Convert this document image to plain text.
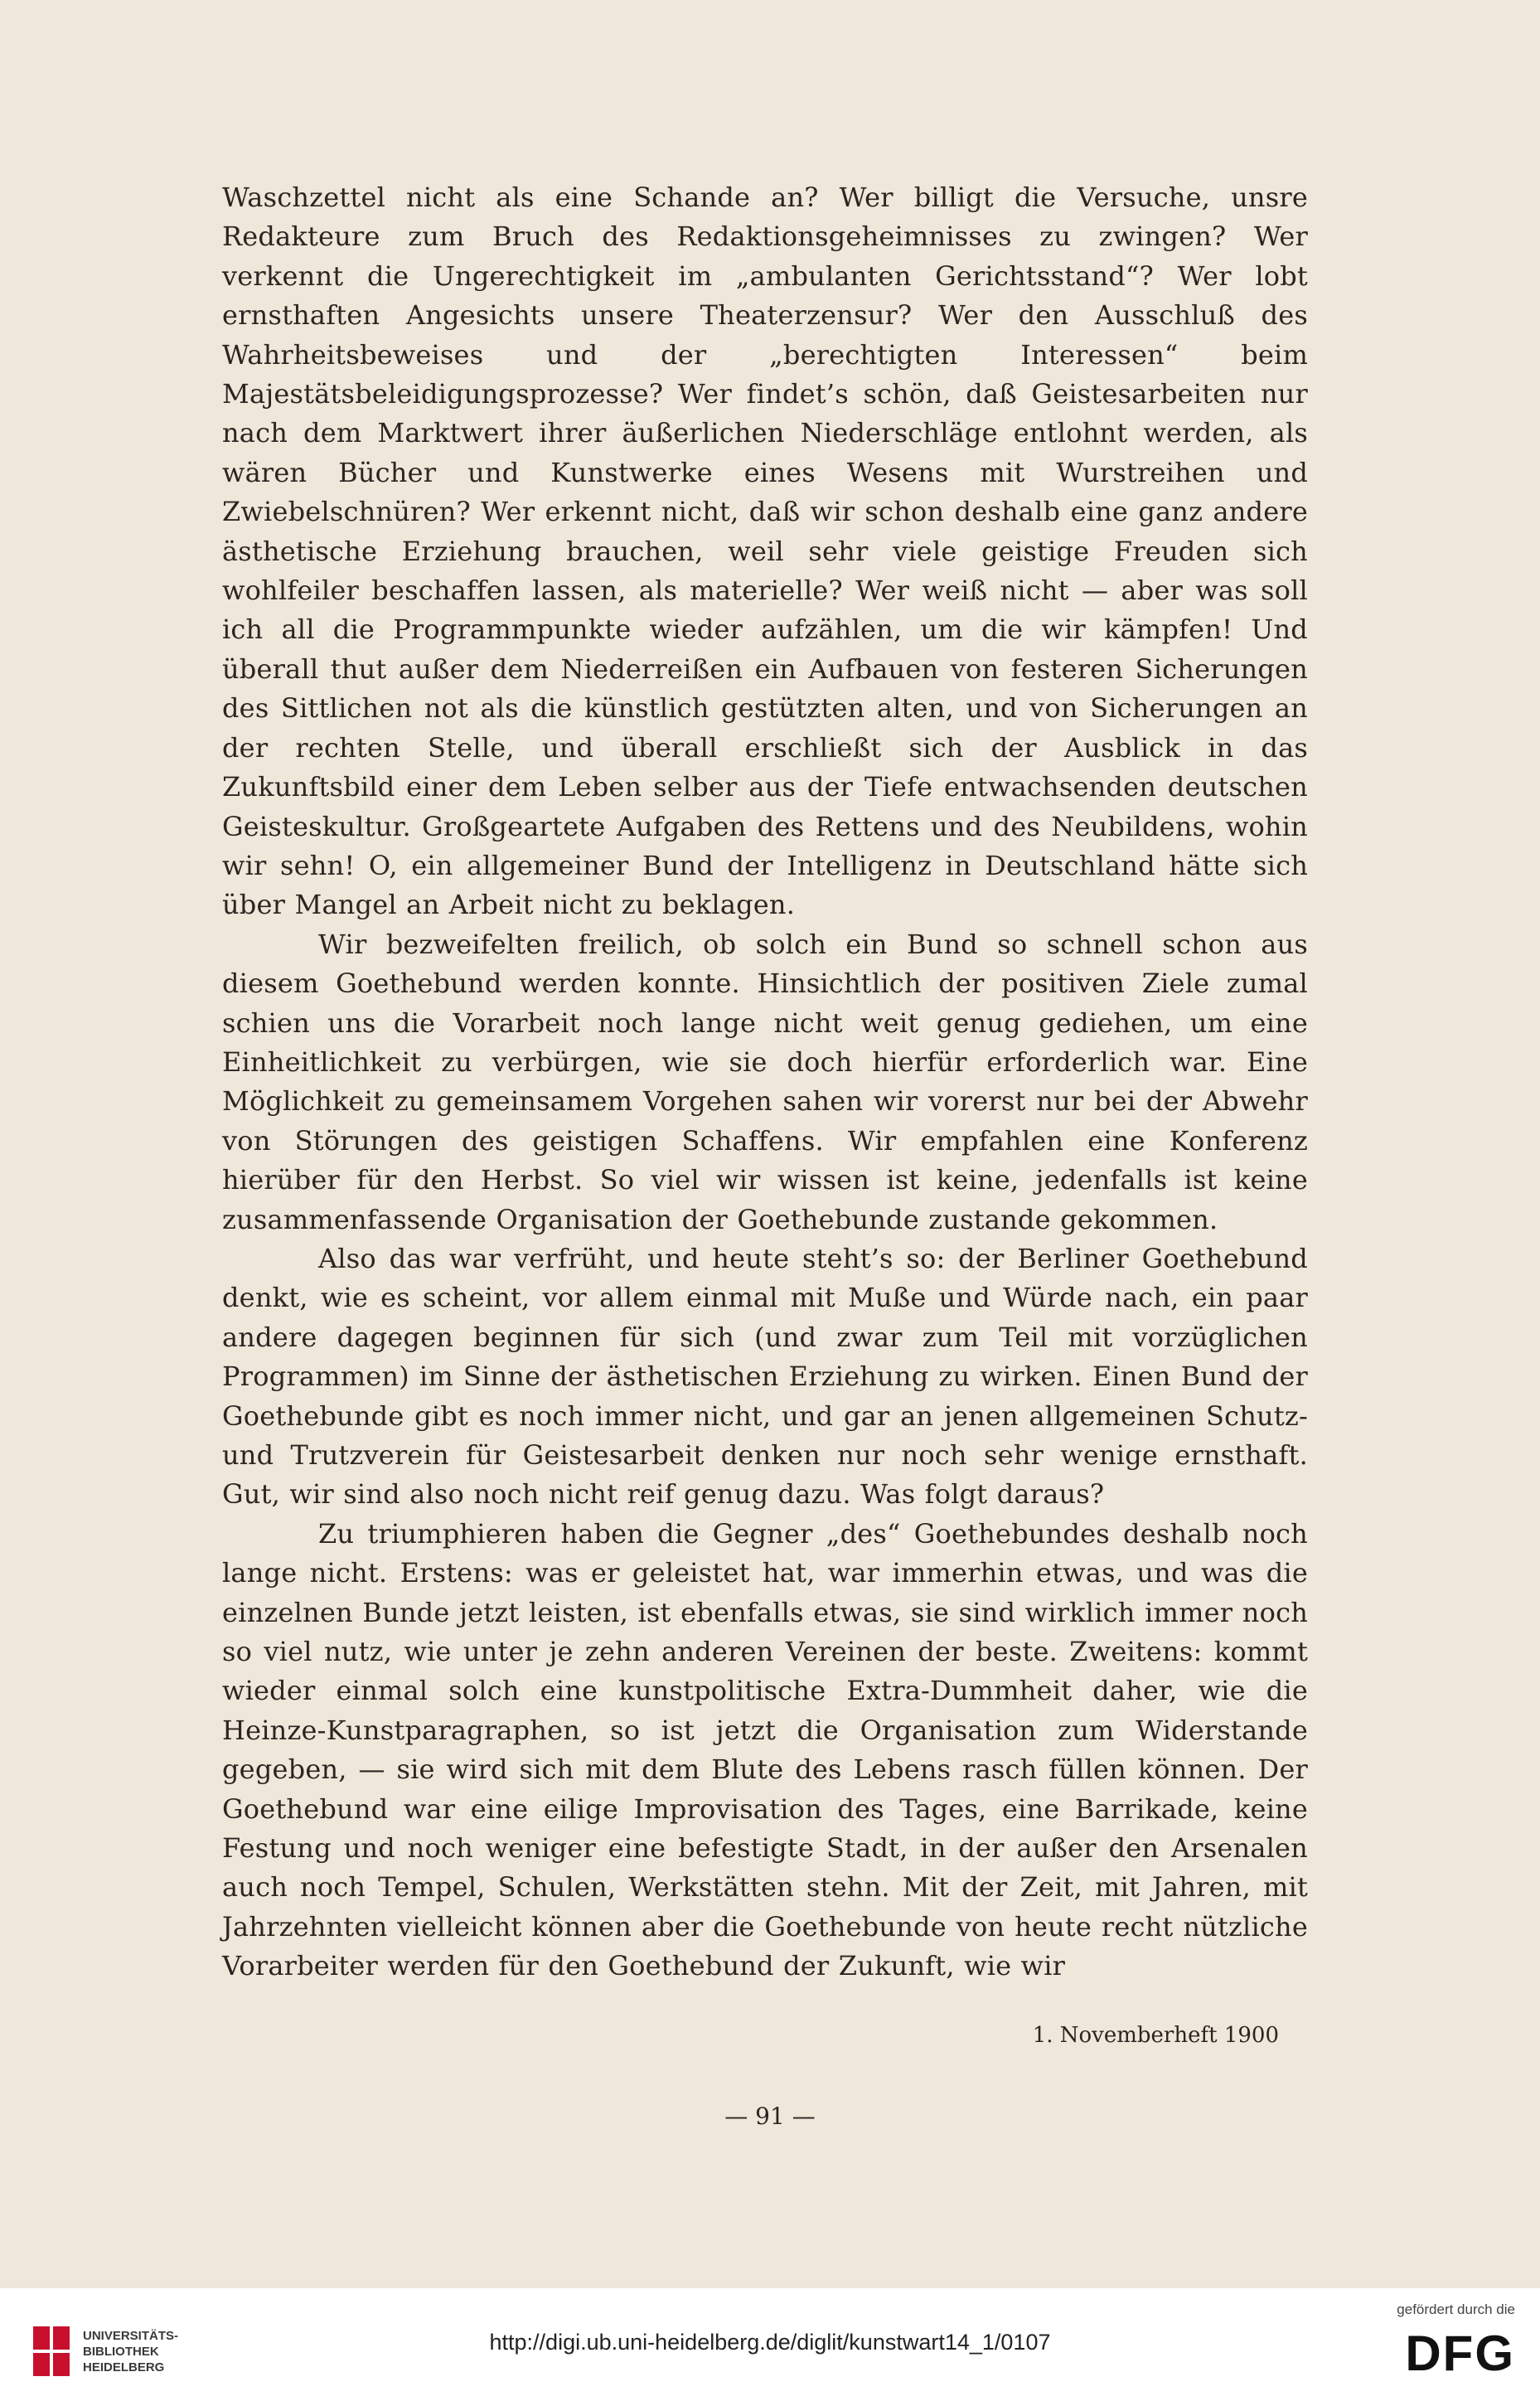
Waschzettel nicht als eine Schande an? Wer billigt die Versuche, unsre Redakteure zum Bruch des Redaktionsgeheimnisses zu zwingen? Wer verkennt die Ungerechtigkeit im „ambulanten Gerichtsstand“? Wer lobt ernsthaften Angesichts unsere Theaterzensur? Wer den Ausschluß des Wahrheitsbeweises und der „berechtigten Interessen“ beim Majestätsbeleidigungsprozesse? Wer findet’s schön, daß Geistesarbeiten nur nach dem Marktwert ihrer äußerlichen Niederschläge entlohnt werden, als wären Bücher und Kunstwerke eines Wesens mit Wurstreihen und Zwiebelschnüren? Wer erkennt nicht, daß wir schon deshalb eine ganz andere ästhetische Erziehung brauchen, weil sehr viele geistige Freuden sich wohlfeiler beschaffen lassen, als materielle? Wer weiß nicht — aber was soll ich all die Programmpunkte wieder aufzählen, um die wir kämpfen! Und überall thut außer dem Niederreißen ein Aufbauen von festeren Sicherungen des Sittlichen not als die künstlich gestützten alten, und von Sicherungen an der rechten Stelle, und überall erschließt sich der Ausblick in das Zukunftsbild einer dem Leben selber aus der Tiefe entwachsenden deutschen Geisteskultur. Großgeartete Aufgaben des Rettens und des Neubildens, wohin wir sehn! O, ein allgemeiner Bund der Intelligenz in Deutschland hätte sich über Mangel an Arbeit nicht zu beklagen.

Wir bezweifelten freilich, ob solch ein Bund so schnell schon aus diesem Goethebund werden konnte. Hinsichtlich der positiven Ziele zumal schien uns die Vorarbeit noch lange nicht weit genug gediehen, um eine Einheitlichkeit zu verbürgen, wie sie doch hierfür erforderlich war. Eine Möglichkeit zu gemeinsamem Vorgehen sahen wir vorerst nur bei der Abwehr von Störungen des geistigen Schaffens. Wir empfahlen eine Konferenz hierüber für den Herbst. So viel wir wissen ist keine, jedenfalls ist keine zusammenfassende Organisation der Goethebunde zustande gekommen.

Also das war verfrüht, und heute steht’s so: der Berliner Goethebund denkt, wie es scheint, vor allem einmal mit Muße und Würde nach, ein paar andere dagegen beginnen für sich (und zwar zum Teil mit vorzüglichen Programmen) im Sinne der ästhetischen Erziehung zu wirken. Einen Bund der Goethebunde gibt es noch immer nicht, und gar an jenen allgemeinen Schutz- und Trutzverein für Geistesarbeit denken nur noch sehr wenige ernsthaft. Gut, wir sind also noch nicht reif genug dazu. Was folgt daraus?

Zu triumphieren haben die Gegner „des“ Goethebundes deshalb noch lange nicht. Erstens: was er geleistet hat, war immerhin etwas, und was die einzelnen Bunde jetzt leisten, ist ebenfalls etwas, sie sind wirklich immer noch so viel nutz, wie unter je zehn anderen Vereinen der beste. Zweitens: kommt wieder einmal solch eine kunstpolitische Extra-Dummheit daher, wie die Heinze-Kunstparagraphen, so ist jetzt die Organisation zum Widerstande gegeben, — sie wird sich mit dem Blute des Lebens rasch füllen können. Der Goethebund war eine eilige Improvisation des Tages, eine Barrikade, keine Festung und noch weniger eine befestigte Stadt, in der außer den Arsenalen auch noch Tempel, Schulen, Werkstätten stehn. Mit der Zeit, mit Jahren, mit Jahrzehnten vielleicht können aber die Goethebunde von heute recht nützliche Vorarbeiter werden für den Goethebund der Zukunft, wie wir

1. Novemberheft 1900
— 91 —
UNIVERSITÄTS-
BIBLIOTHEK
HEIDELBERG
http://digi.ub.uni-heidelberg.de/diglit/kunstwart14_1/0107
gefördert durch die
DFG
